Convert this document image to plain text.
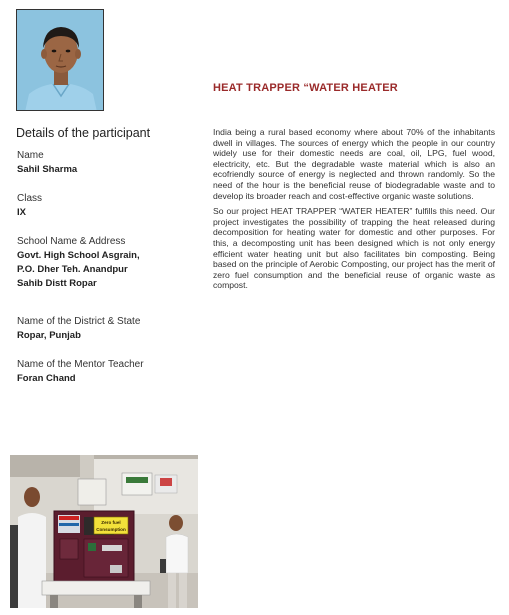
HEAT TRAPPER “WATER HEATER
Details of the participant
Name
Sahil Sharma
Class
IX
School Name & Address
Govt. High School Asgrain,
P.O. Dher Teh. Anandpur
Sahib Distt Ropar
Name of the District & State
Ropar, Punjab
Name of the Mentor Teacher
Foran Chand

India being a rural based economy where about 70% of the inhabitants dwell in villages. The sources of energy which the people in our country widely use for their domestic needs are coal, oil, LPG, fuel wood, electricity, etc. But the degradable waste material which is also an ecofriendly source of energy is neglected and thrown randomly. So the need of the hour is the beneficial reuse of biodegradable waste and to develop its broader reach and cost-effective organic waste solutions.

So our project HEAT TRAPPER “WATER HEATER” fulfills this need. Our project investigates the possibility of trapping the heat released during decomposition for heating water for domestic and other purposes. For this, a decomposting unit has been designed which is not only energy efficient water heating unit but also facilitates bin composting. Being based on the principle of Aerobic Composting, our project has the merit of zero fuel consumption and the beneficial reuse of organic waste as compost.

Zero fuel
Consumption
